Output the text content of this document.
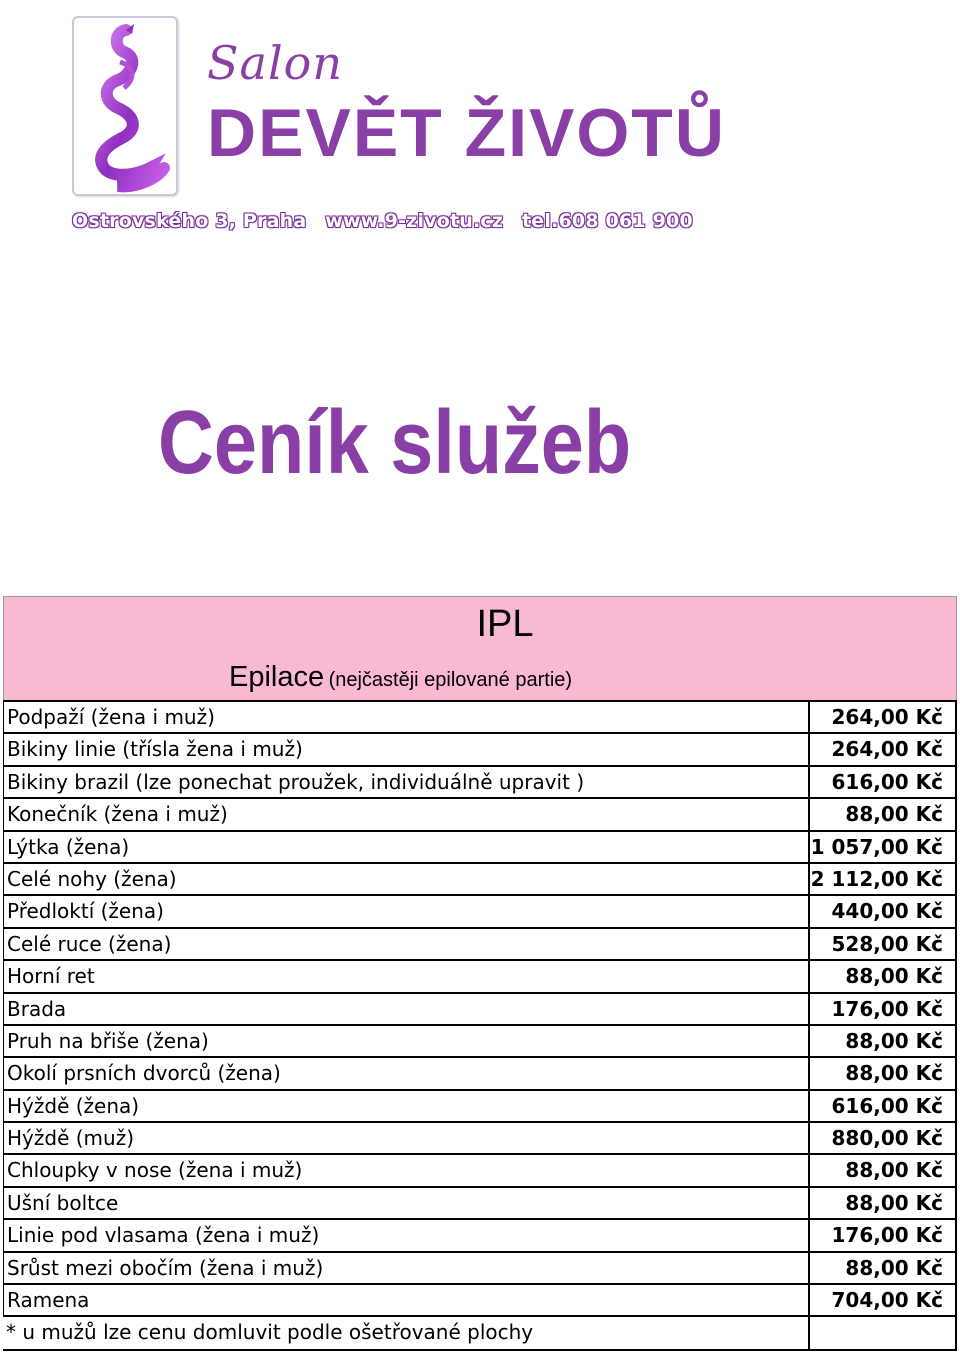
Salon
DEVĚT ŽIVOTŮ
Ostrovského 3, Praha www.9-zivotu.cz tel.608 061 900
Ceník služeb
IPL
Epilace (nejčastěji epilované partie)
Podpaží (žena i muž)	264,00 Kč
Bikiny linie (třísla žena i muž)	264,00 Kč
Bikiny brazil (lze ponechat proužek, individuálně upravit )	616,00 Kč
Konečník (žena i muž)	88,00 Kč
Lýtka (žena)	1 057,00 Kč
Celé nohy (žena)	2 112,00 Kč
Předloktí (žena)	440,00 Kč
Celé ruce (žena)	528,00 Kč
Horní ret	88,00 Kč
Brada	176,00 Kč
Pruh na břiše (žena)	88,00 Kč
Okolí prsních dvorců (žena)	88,00 Kč
Hýždě (žena)	616,00 Kč
Hýždě (muž)	880,00 Kč
Chloupky v nose (žena i muž)	88,00 Kč
Ušní boltce	88,00 Kč
Linie pod vlasama (žena i muž)	176,00 Kč
Srůst mezi obočím (žena i muž)	88,00 Kč
Ramena	704,00 Kč
* u mužů lze cenu domluvit podle ošetřované plochy
